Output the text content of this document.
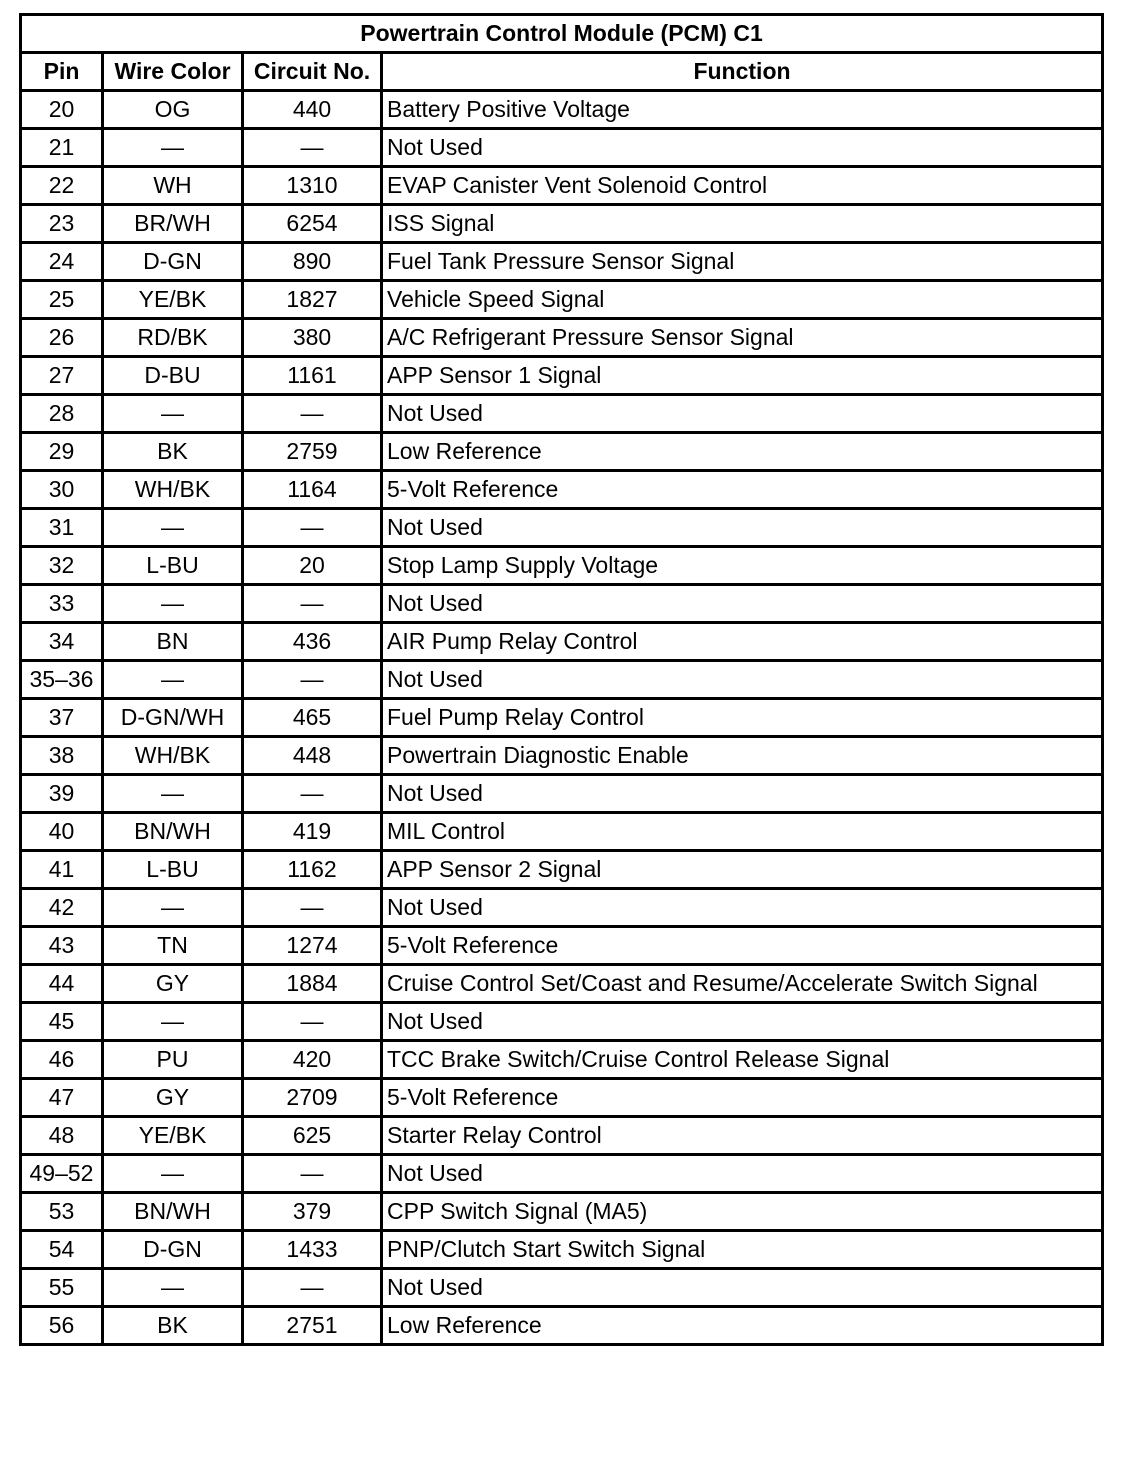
Powertrain Control Module (PCM) C1			
Pin	Wire Color	Circuit No.	Function
20	OG	440	Battery Positive Voltage
21	—	—	Not Used
22	WH	1310	EVAP Canister Vent Solenoid Control
23	BR/WH	6254	ISS Signal
24	D-GN	890	Fuel Tank Pressure Sensor Signal
25	YE/BK	1827	Vehicle Speed Signal
26	RD/BK	380	A/C Refrigerant Pressure Sensor Signal
27	D-BU	1161	APP Sensor 1 Signal
28	—	—	Not Used
29	BK	2759	Low Reference
30	WH/BK	1164	5-Volt Reference
31	—	—	Not Used
32	L-BU	20	Stop Lamp Supply Voltage
33	—	—	Not Used
34	BN	436	AIR Pump Relay Control
35–36	—	—	Not Used
37	D-GN/WH	465	Fuel Pump Relay Control
38	WH/BK	448	Powertrain Diagnostic Enable
39	—	—	Not Used
40	BN/WH	419	MIL Control
41	L-BU	1162	APP Sensor 2 Signal
42	—	—	Not Used
43	TN	1274	5-Volt Reference
44	GY	1884	Cruise Control Set/Coast and Resume/Accelerate Switch Signal
45	—	—	Not Used
46	PU	420	TCC Brake Switch/Cruise Control Release Signal
47	GY	2709	5-Volt Reference
48	YE/BK	625	Starter Relay Control
49–52	—	—	Not Used
53	BN/WH	379	CPP Switch Signal (MA5)
54	D-GN	1433	PNP/Clutch Start Switch Signal
55	—	—	Not Used
56	BK	2751	Low Reference
